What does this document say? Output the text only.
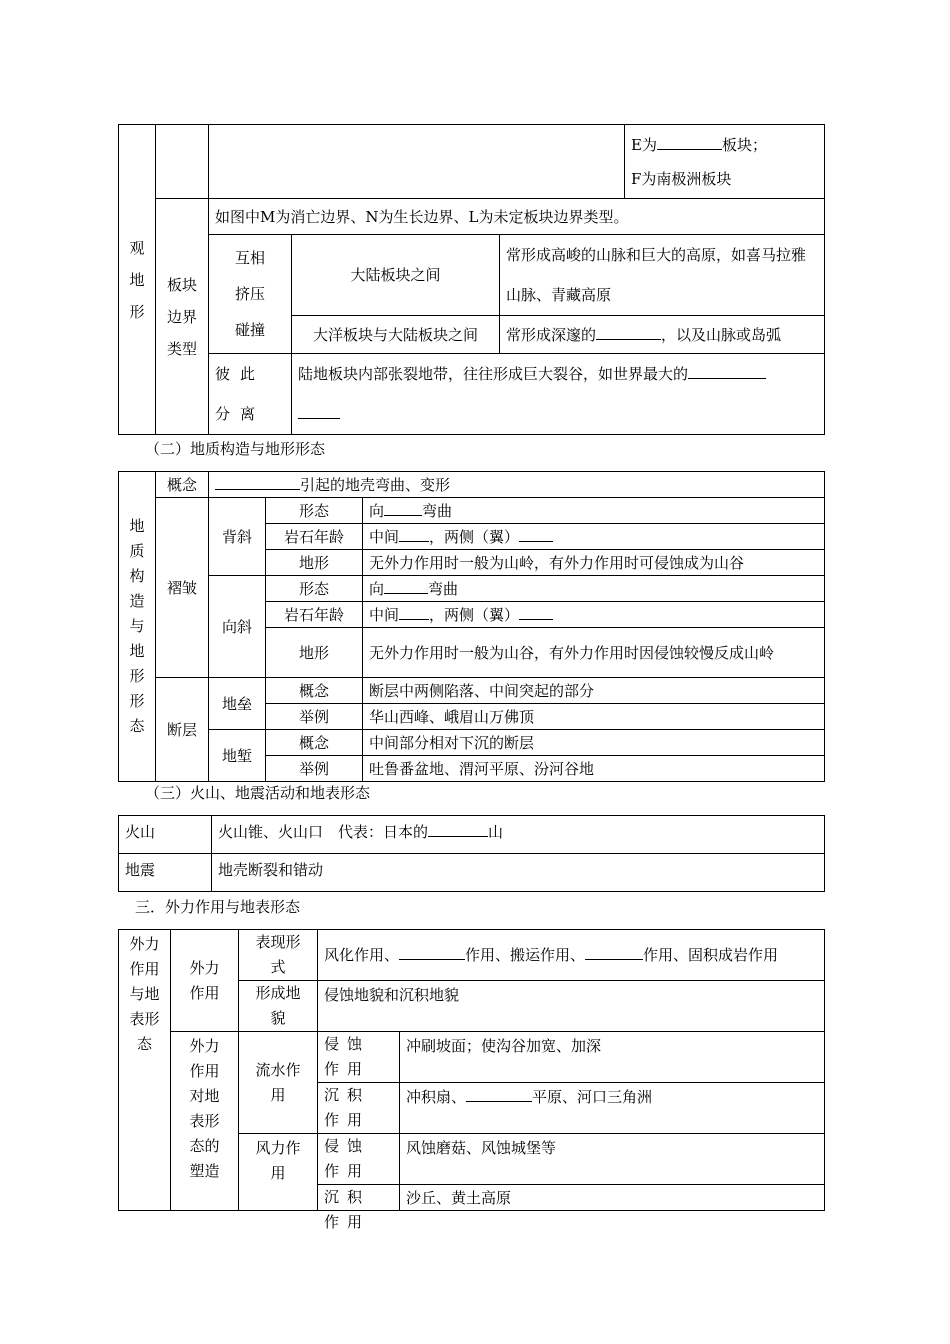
观地形					E为 板块；
F为南极洲板块

	板块边界类型	如图中M为消亡边界、N为生长边界、L为未定板块边界类型。			
		互相挤压碰撞	大陆板块之间	常形成高峻的山脉和巨大的高原，如喜马拉雅山脉、青藏高原	
			大洋板块与大陆板块之间	常形成深邃的 ，以及山脉或岛弧	
		彼此分离	陆地板块内部张裂地带，往往形成巨大裂谷，如世界最大的		
（二）地质构造与地形形态
地质构造与地形形态	概念	引起的地壳弯曲、变形		
	褶皱	背斜	形态	向 弯曲
			岩石年龄	中间 ，两侧（翼）
			地形	无外力作用时一般为山岭，有外力作用时可侵蚀成为山谷
		向斜	形态	向 弯曲
			岩石年龄	中间 ，两侧（翼）
			地形	无外力作用时一般为山谷，有外力作用时因侵蚀较慢反成山岭
	断层	地垒	概念	断层中两侧陷落、中间突起的部分
			举例	华山西峰、峨眉山万佛顶
		地堑	概念	中间部分相对下沉的断层
			举例	吐鲁番盆地、渭河平原、汾河谷地
（三）火山、地震活动和地表形态
火山	火山锥、火山口　代表：日本的 山
地震	地壳断裂和错动
三．外力作用与地表形态
外力作用与地表形态	外力作用	表现形式	风化作用、 作用、搬运作用、 作用、固积成岩作用	
		形成地貌	侵蚀地貌和沉积地貌	
	外力作用对地表形态的塑造	流水作用	侵蚀作用	冲刷坡面；使沟谷加宽、加深
			沉积作用	冲积扇、 平原、河口三角洲
		风力作用	侵蚀作用	风蚀磨菇、风蚀城堡等

			沉积作用	沙丘、黄土高原
